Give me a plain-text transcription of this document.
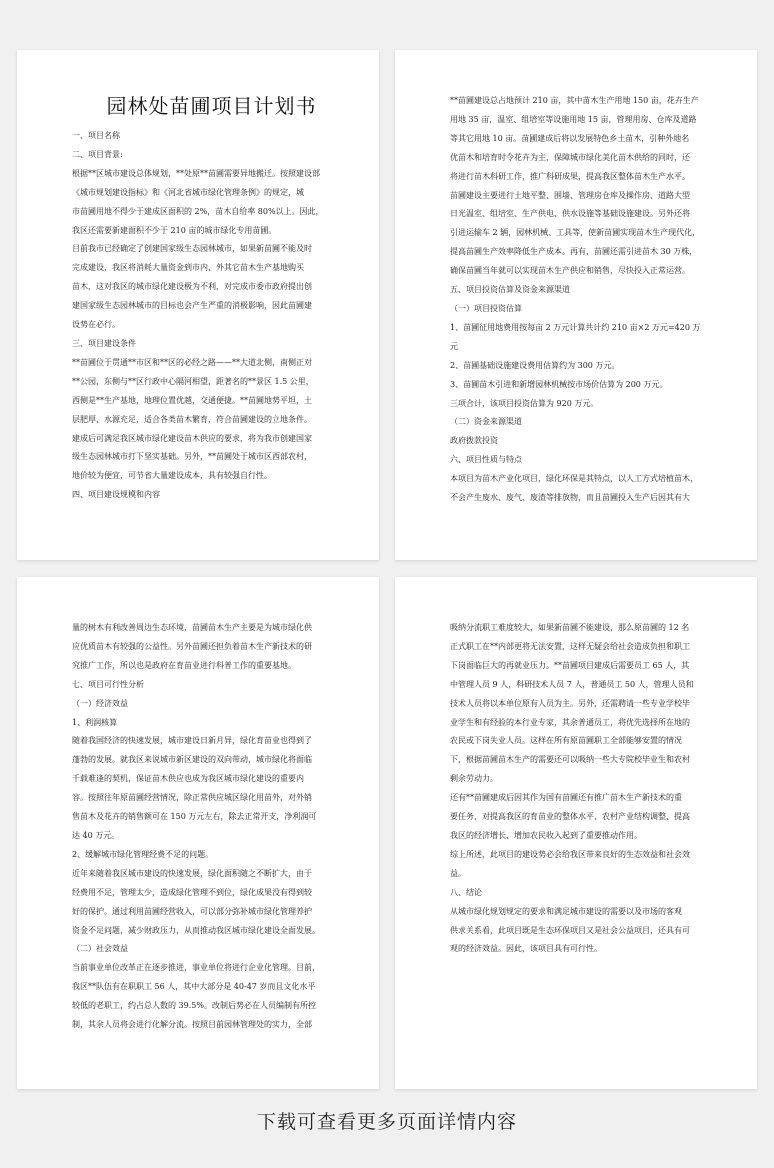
园林处苗圃项目计划书
一、项目名称
二、项目背景:
根据**区城市建设总体规划，**处原**苗圃需要异地搬迁。按照建设部
《城市规划建设指标》和《河北省城市绿化管理条例》的规定，城
市苗圃用地不得少于建成区面积的 2%，苗木自给率 80%以上。因此，
我区还需要新建面积不少于 210 亩的城市绿化专用苗圃。
目前我市已经确定了创建国家级生态园林城市，如果新苗圃不能及时
完成建设，我区将消耗大量资金到市内、外其它苗木生产基地购买
苗木，这对我区的城市绿化建设极为不利，对完成市委市政府提出创
建国家级生态园林城市的目标也会产生严重的消极影响，因此苗圃建
设势在必行。
三、项目建设条件
**苗圃位于贯通**市区和**区的必经之路——**大道北侧，南侧正对
**公园，东侧与**区行政中心隔河相望，距著名的**景区 1.5 公里，
西侧是**生产基地，地理位置优越，交通便捷。**苗圃地势平坦，土
层肥厚、水源充足，适合各类苗木繁育，符合苗圃建设的立地条件。
建成后可满足我区城市绿化建设苗木供应的要求，将为我市创建国家
级生态园林城市打下坚实基础。另外，**苗圃处于城市区西部农村，
地价较为便宜，可节省大量建设成本，具有较强自行性。
四、项目建设规模和内容
**苗圃建设总占地预计 210 亩，其中苗木生产用地 150 亩，花卉生产
用地 35 亩，温室、组培室等设施用地 15 亩，管理用房、仓库及道路
等其它用地 10 亩。苗圃建成后将以发展特色乡土苗木，引种外地名
优苗木和培育时令花卉为主，保障城市绿化美化苗木供给的同时，还
将进行苗木科研工作，推广科研成果，提高我区整体苗木生产水平。
苗圃建设主要进行土地平整、围墙、管理房仓库及操作房、道路大型
日光温室、组培室、生产供电、供水设施等基础设施建设。另外还将
引进运输车 2 辆，园林机械、工具等，使新苗圃实现苗木生产现代化，
提高苗圃生产效率降低生产成本。再有，苗圃还需引进苗木 30 万株，
确保苗圃当年就可以实现苗木生产供应和销售，尽快投入正常运营。
五、项目投资估算及资金来源渠道
（一）项目投资估算
1、苗圃征用地费用按每亩 2 万元计算共计约 210 亩×2 万元=420 万
元
2、苗圃基础设施建设费用估算约为 300 万元。
3、苗圃苗木引进和新增园林机械按市场价估算为 200 万元。
三项合计，该项目投资估算为 920 万元。
（二）资金来源渠道
政府拨款投资
六、项目性质与特点
本项目为苗木产业化项目，绿化环保是其特点，以人工方式培植苗木，
不会产生废水、废气、废渣等排放物，而且苗圃投入生产后因其有大
量的树木有利改善周边生态环境，苗圃苗木生产主要是为城市绿化供
应优质苗木有较强的公益性。另外苗圃还担负着苗木生产新技术的研
究推广工作，所以也是政府在育苗业进行科普工作的重要基地。
七、项目可行性分析
（一）经济效益
1、利润核算
随着我国经济的快速发展，城市建设日新月异，绿化育苗业也得到了
蓬勃的发展。就我区来说城市新区建设的双向带动，城市绿化将面临
千载难逢的契机，保证苗木供应也成为我区城市绿化建设的重要内
容。按照往年原苗圃经营情况，除正常供应城区绿化用苗外，对外销
售苗木及花卉的销售额可在 150 万元左右，除去正常开支，净利润可
达 40 万元。
2、缓解城市绿化管理经费不足的问题。
近年来随着我区城市建设的快速发展，绿化面积随之不断扩大，由于
经费用不足，管理太少，造成绿化管理不到位，绿化成果没有得到较
好的保护。通过利用苗圃经营收入，可以部分弥补城市绿化管理养护
资金不足问题，减少财政压力，从而推动我区城市绿化建设全面发展。
（二）社会效益
当前事业单位改革正在逐步推进，事业单位将进行企业化管理。目前，
我区**队伍有在职职工 56 人，其中大部分是 40-47 岁而且文化水平
较低的老职工，约占总人数的 39.5%。改制后势必在人员编制有所控
制，其余人员将会进行化解分流。按照目前园林管理处的实力，全部
吸纳分流职工难度较大，如果新苗圃不能建设，那么原苗圃的 12 名
正式职工在**内部更将无法安置，这样无疑会给社会造成负担和职工
下岗面临巨大的再就业压力。**苗圃项目建成后需要员工 65 人，其
中管理人员 9 人，科研技术人员 7 人，普通员工 50 人，管理人员和
技术人员将以本单位原有人员为主。另外，还需聘请一些专业学校毕
业学生和有经验的本行业专家，其余普通员工，将优先选择所在地的
农民或下岗失业人员。这样在所有原苗圃职工全部能够安置的情况
下，根据苗圃苗木生产的需要还可以吸纳一些大专院校毕业生和农村
剩余劳动力。
还有**苗圃建成后因其作为国有苗圃还有推广苗木生产新技术的重
要任务，对提高我区的育苗业的整体水平、农村产业结构调整、提高
我区的经济增长、增加农民收入起到了重要推动作用。
综上所述，此项目的建设势必会给我区带来良好的生态效益和社会效
益。
八、结论
从城市绿化规划规定的要求和满足城市建设的需要以及市场的客观
供求关系看，此项目既是生态环保项目又是社会公益项目，还具有可
观的经济效益。因此，该项目具有可行性。
下载可查看更多页面详情内容
